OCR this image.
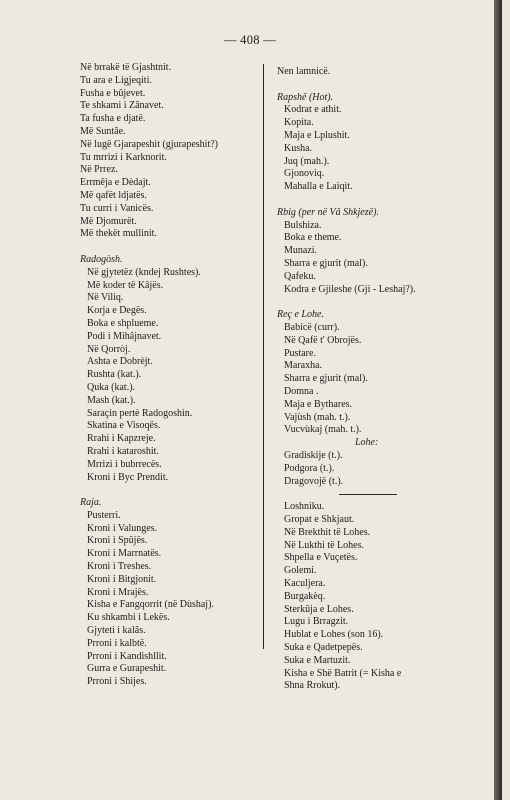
— 408 —
Në brrakë të Gjashtnit.
Tu ara e Ligjeqiti.
Fusha e bûjevet.
Te shkami i Zânavet.
Ta fusha e djatë.
Më Suntâe.
Në lugë Gjarapeshit (gjurapeshit?)
Tu mrrizi i Karknorit.
Në Prrez.
Errmêja e Dèdajt.
Më qafët ldjatës.
Tu curri i Vanicës.
Më Djomurët.
Më thekët mullinit.
Radogòsh.
Në gjytetëz (kndej Rushtes).
Më koder të Kâjës.
Në Viliq.
Korja e Degës.
Boka e shplueme.
Podi i Mihâjnavet.
Në Qorròj.
Ashta e Dobrèjt.
Rushta (kat.).
Quka (kat.).
Mash (kat.).
Saraçin pertè Radogoshin.
Skatina e Visoqës.
Rrahi i Kapzreje.
Rrahi i kataroshit.
Mrrizi i bubrrecës.
Kroni i Byc Prendit.
Raja.
Pusterri.
Kroni i Valunges.
Kroni i Spûjës.
Kroni i Marrnatës.
Kroni i Treshes.
Kroni i Bitgjonit.
Kroni i Mrajës.
Kisha e Fangqorrit (në Dùshaj).
Ku shkambi i Lekës.
Gjyteti i kalâs.
Prroni i kalbtë.
Prroni i Kandishllit.
Gurra e Gurapeshit.
Prroni i Shijes.
Nen lamnicë.
Rapshë (Hot).
Kodrat e athit.
Kopita.
Maja e Lplushit.
Kusha.
Juq (mah.).
Gjonoviq.
Mahalla e Laiqit.
Rbig (per në Vâ Shkjezë).
Bulshiza.
Boka e theme.
Munazi.
Sharra e gjurit (mal).
Qafeku.
Kodra e Gjileshe (Gji - Leshaj?).
Reç e Lohe.
Babicë (curr).
Në Qafë t' Obrojës.
Pustare.
Maraxha.
Sharra e gjurit (mal).
Domna .
Maja e Bythares.
Vajùsh (mah. t.).
Vucvùkaj (mah. t.).
Lohe:
Gradiskije (t.).
Podgora (t.).
Dragovojë (t.).
Loshniku.
Gropat e Shkjaut.
Në Brekthit të Lohes.
Në Lukthi të Lohes.
Shpella e Vuçetës.
Golemi.
Kaculjera.
Burgakèq.
Sterkûja e Lohes.
Lugu i Brragzit.
Hublat e Lohes (son 16).
Suka e Qadetpepës.
Suka e Martuzit.
Kisha e Shë Batrit (= Kisha e
Shna Rrokut).
